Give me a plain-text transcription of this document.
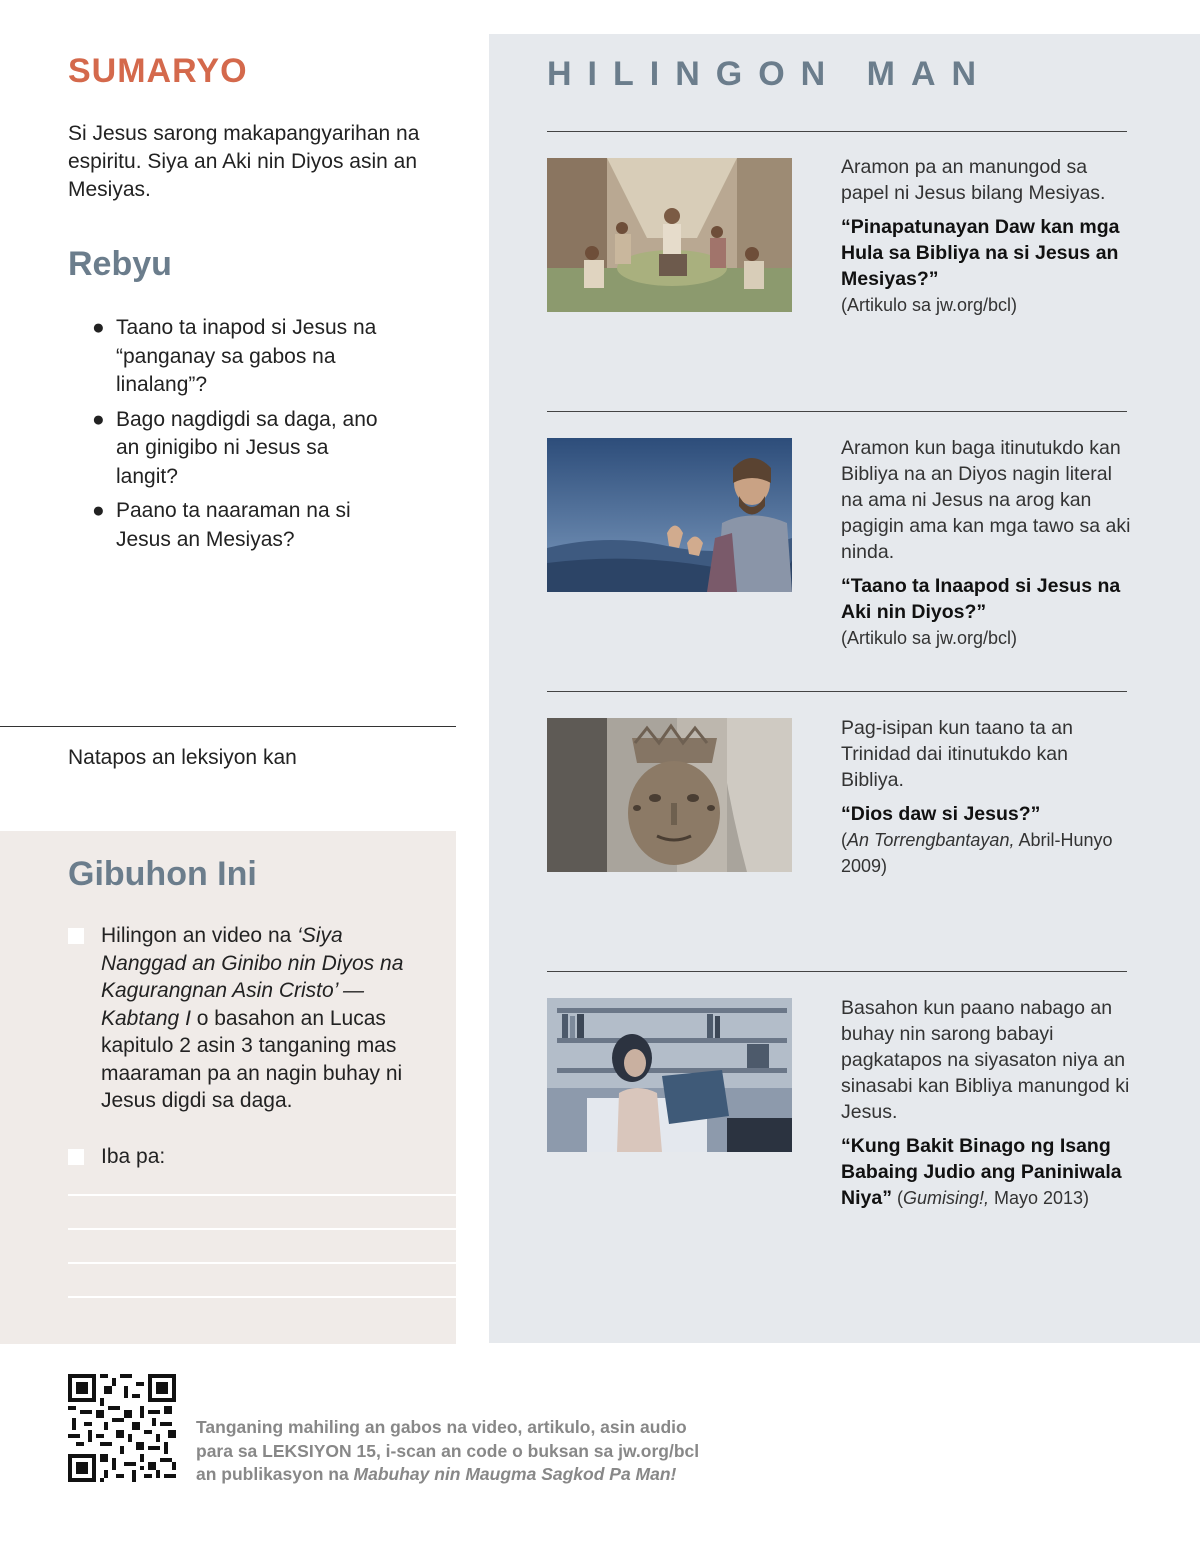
SUMARYO
Si Jesus sarong makapangyarihan na espiritu. Siya an Aki nin Diyos asin an Mesiyas.
Rebyu
● Taano ta inapod si Jesus na “panganay sa gabos na linalang”?
● Bago nagdigdi sa daga, ano an ginigibo ni Jesus sa langit?
● Paano ta naaraman na si Jesus an Mesiyas?
Natapos an leksiyon kan
Gibuhon Ini
Hilingon an video na ‘Siya Nanggad an Ginibo nin Diyos na Kagurangnan Asin Cristo’ —Kabtang I o basahon an Lucas kapitulo 2 asin 3 tanganing mas maaraman pa an nagin buhay ni Jesus digdi sa daga.
Iba pa:
HILINGON MAN
Aramon pa an manungod sa papel ni Jesus bilang Mesiyas.
“Pinapatunayan Daw kan mga Hula sa Bibliya na si Jesus an Mesiyas?”
(Artikulo sa jw.org/bcl)
Aramon kun baga itinutukdo kan Bibliya na an Diyos nagin literal na ama ni Jesus na arog kan pagigin ama kan mga tawo sa aki ninda.
“Taano ta Inaapod si Jesus na Aki nin Diyos?”
(Artikulo sa jw.org/bcl)
Pag-isipan kun taano ta an Trinidad dai itinutukdo kan Bibliya.
“Dios daw si Jesus?”
(An Torrengbantayan, Abril-Hunyo 2009)
Basahon kun paano nabago an buhay nin sarong babayi pagkatapos na siyasaton niya an sinasabi kan Bibliya manungod ki Jesus.
“Kung Bakit Binago ng Isang Babaing Judio ang Paniniwala Niya” (Gumising!, Mayo 2013)
Tanganing mahiling an gabos na video, artikulo, asin audio
para sa LEKSIYON 15, i-scan an code o buksan sa jw.org/bcl
an publikasyon na Mabuhay nin Maugma Sagkod Pa Man!
